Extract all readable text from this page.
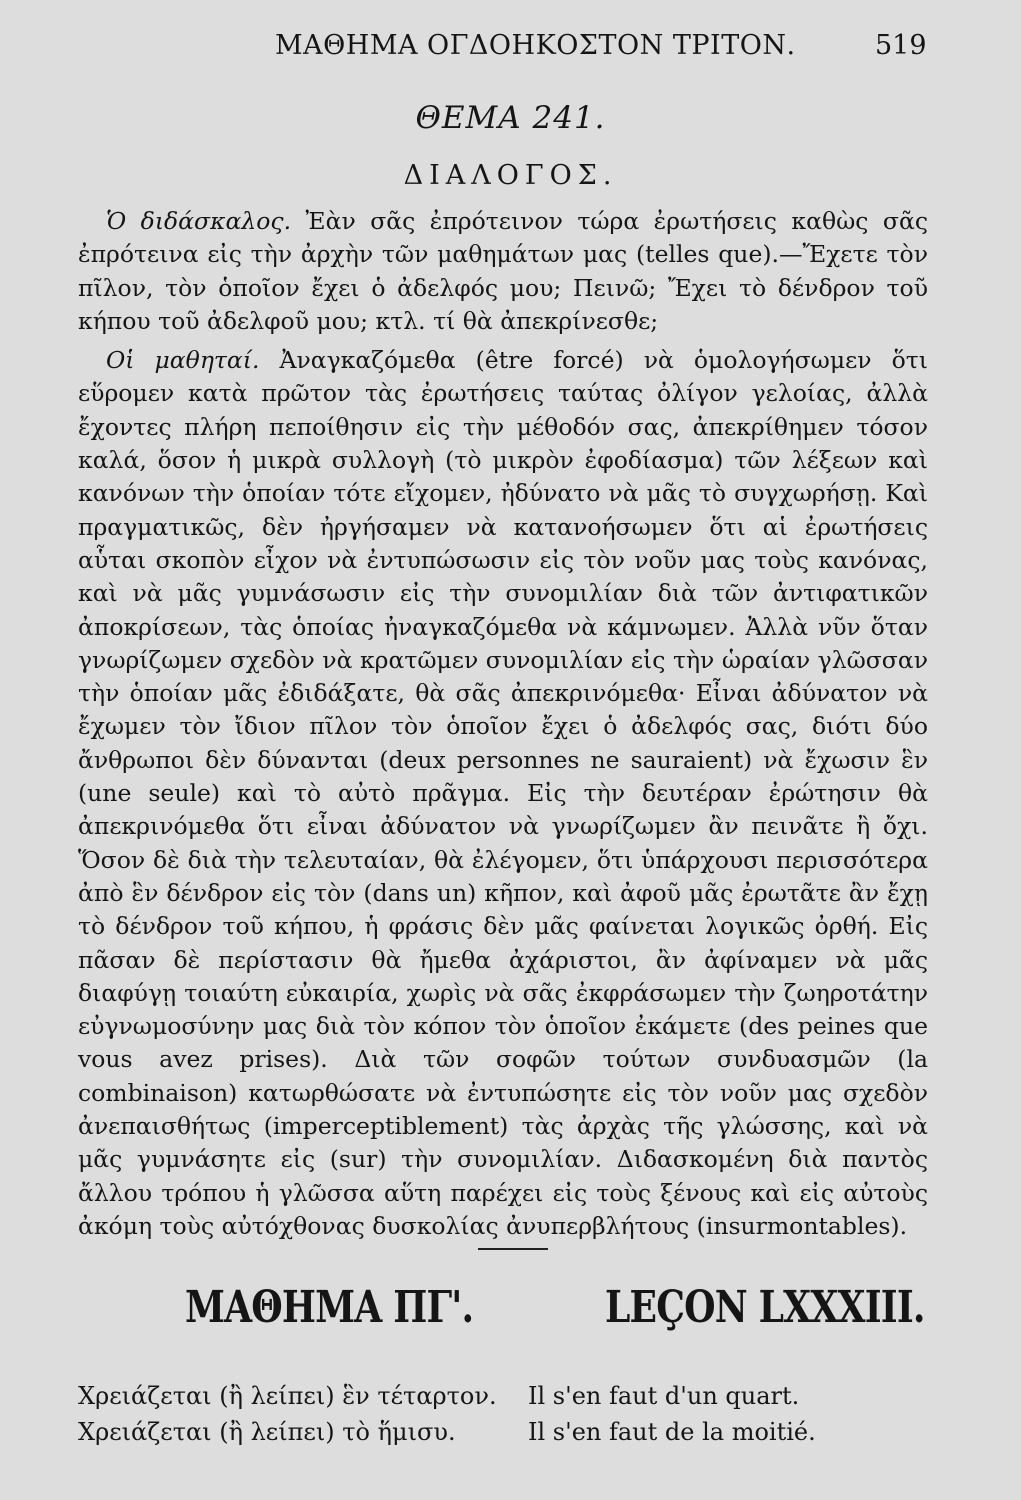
ΜΑΘΗΜΑ ΟΓΔΟΗΚΟΣΤΟΝ ΤΡΙΤΟΝ.	519
ΘΕΜΑ 241.
ΔΙΑΛΟΓΟΣ.

Ὁ διδάσκαλος. Ἐὰν σᾶς ἐπρότεινον τώρα ἐρωτήσεις καθὼς σᾶς ἐπρότεινα εἰς τὴν ἀρχὴν τῶν μαθημάτων μας (telles que).—Ἔχετε τὸν πῖλον, τὸν ὁποῖον ἔχει ὁ ἀδελφός μου; Πεινῶ; Ἔχει τὸ δένδρον τοῦ κήπου τοῦ ἀδελφοῦ μου; κτλ. τί θὰ ἀπεκρίνεσθε;

Οἱ μαθηταί. Ἀναγκαζόμεθα (être forcé) νὰ ὁμολογήσωμεν ὅτι εὕρομεν κατὰ πρῶτον τὰς ἐρωτήσεις ταύτας ὀλίγον γελοίας, ἀλλὰ ἔχοντες πλήρη πεποίθησιν εἰς τὴν μέθοδόν σας, ἀπεκρίθημεν τόσον καλά, ὅσον ἡ μικρὰ συλλογὴ (τὸ μικρὸν ἐφοδίασμα) τῶν λέξεων καὶ κανόνων τὴν ὁποίαν τότε εἴχομεν, ἠδύνατο νὰ μᾶς τὸ συγχωρήσῃ. Καὶ πραγματικῶς, δὲν ἠργήσαμεν νὰ κατανοήσωμεν ὅτι αἱ ἐρωτήσεις αὗται σκοπὸν εἶχον νὰ ἐντυπώσωσιν εἰς τὸν νοῦν μας τοὺς κανόνας, καὶ νὰ μᾶς γυμνάσωσιν εἰς τὴν συνομιλίαν διὰ τῶν ἀντιφατικῶν ἀποκρίσεων, τὰς ὁποίας ἠναγκαζόμεθα νὰ κάμνωμεν. Ἀλλὰ νῦν ὅταν γνωρίζωμεν σχεδὸν νὰ κρατῶμεν συνομιλίαν εἰς τὴν ὡραίαν γλῶσσαν τὴν ὁποίαν μᾶς ἐδιδάξατε, θὰ σᾶς ἀπεκρινόμεθα· Εἶναι ἀδύνατον νὰ ἔχωμεν τὸν ἴδιον πῖλον τὸν ὁποῖον ἔχει ὁ ἀδελφός σας, διότι δύο ἄνθρωποι δὲν δύνανται (deux personnes ne sauraient) νὰ ἔχωσιν ἓν (une seule) καὶ τὸ αὐτὸ πρᾶγμα. Εἰς τὴν δευτέραν ἐρώτησιν θὰ ἀπεκρινόμεθα ὅτι εἶναι ἀδύνατον νὰ γνωρίζωμεν ἂν πεινᾶτε ἢ ὄχι. Ὅσον δὲ διὰ τὴν τελευταίαν, θὰ ἐλέγομεν, ὅτι ὑπάρχουσι περισσότερα ἀπὸ ἓν δένδρον εἰς τὸν (dans un) κῆπον, καὶ ἀφοῦ μᾶς ἐρωτᾶτε ἂν ἔχῃ τὸ δένδρον τοῦ κήπου, ἡ φράσις δὲν μᾶς φαίνεται λογικῶς ὀρθή. Εἰς πᾶσαν δὲ περίστασιν θὰ ἤμεθα ἀχάριστοι, ἂν ἀφίναμεν νὰ μᾶς διαφύγῃ τοιαύτη εὐκαιρία, χωρὶς νὰ σᾶς ἐκφράσωμεν τὴν ζωηροτάτην εὐγνωμοσύνην μας διὰ τὸν κόπον τὸν ὁποῖον ἐκάμετε (des peines que vous avez prises). Διὰ τῶν σοφῶν τούτων συνδυασμῶν (la combinaison) κατωρθώσατε νὰ ἐντυπώσητε εἰς τὸν νοῦν μας σχεδὸν ἀνεπαισθήτως (imperceptiblement) τὰς ἀρχὰς τῆς γλώσσης, καὶ νὰ μᾶς γυμνάσητε εἰς (sur) τὴν συνομιλίαν. Διδασκομένη διὰ παντὸς ἄλλου τρόπου ἡ γλῶσσα αὕτη παρέχει εἰς τοὺς ξένους καὶ εἰς αὐτοὺς ἀκόμη τοὺς αὐτόχθονας δυσκολίας ἀνυπερβλήτους (insurmontables).

ΜΑΘΗΜΑ ΠΓ'.	LEÇON LXXXIII.
Χρειάζεται (ἢ λείπει) ἓν τέταρτον. Il s'en faut d'un quart.
Χρειάζεται (ἢ λείπει) τὸ ἥμισυ.	Il s'en faut de la moitié.
